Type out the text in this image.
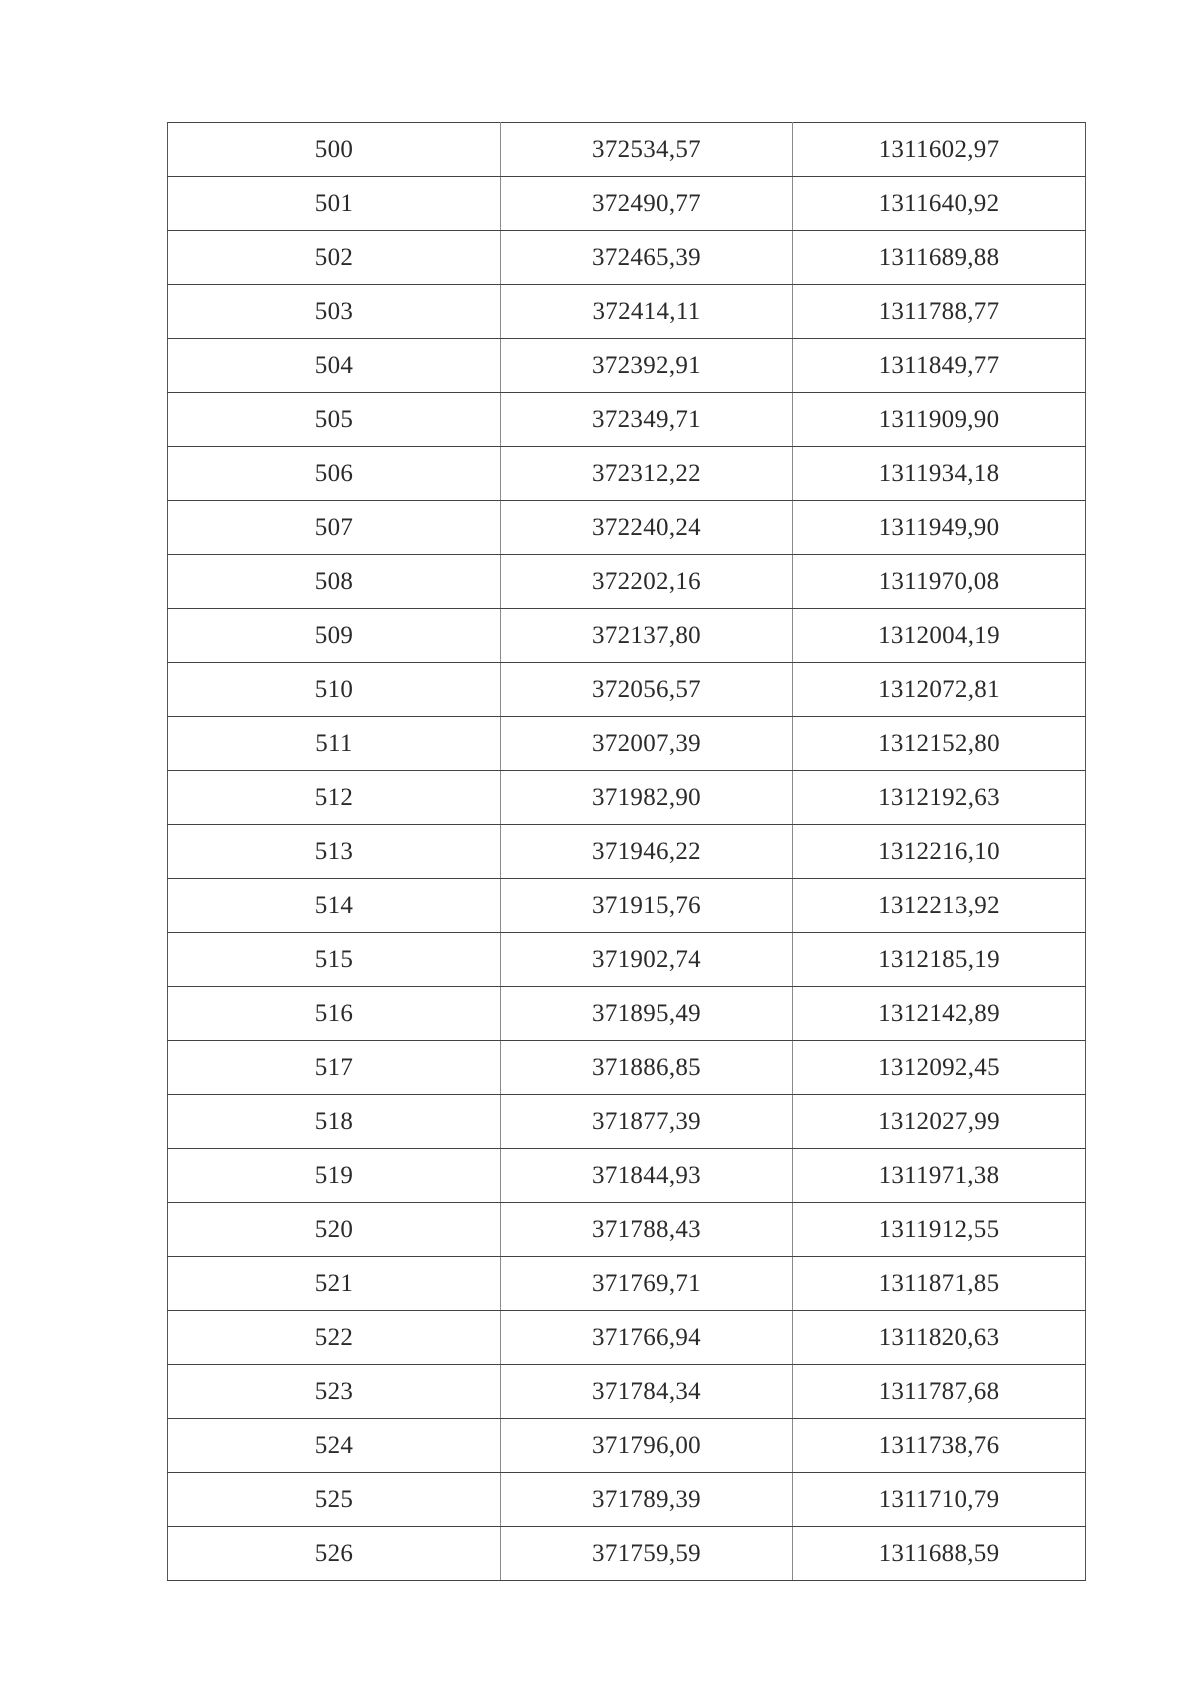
500	372534,57	1311602,97
501	372490,77	1311640,92
502	372465,39	1311689,88
503	372414,11	1311788,77
504	372392,91	1311849,77
505	372349,71	1311909,90
506	372312,22	1311934,18
507	372240,24	1311949,90
508	372202,16	1311970,08
509	372137,80	1312004,19
510	372056,57	1312072,81
511	372007,39	1312152,80
512	371982,90	1312192,63
513	371946,22	1312216,10
514	371915,76	1312213,92
515	371902,74	1312185,19
516	371895,49	1312142,89
517	371886,85	1312092,45
518	371877,39	1312027,99
519	371844,93	1311971,38
520	371788,43	1311912,55
521	371769,71	1311871,85
522	371766,94	1311820,63
523	371784,34	1311787,68
524	371796,00	1311738,76
525	371789,39	1311710,79
526	371759,59	1311688,59
